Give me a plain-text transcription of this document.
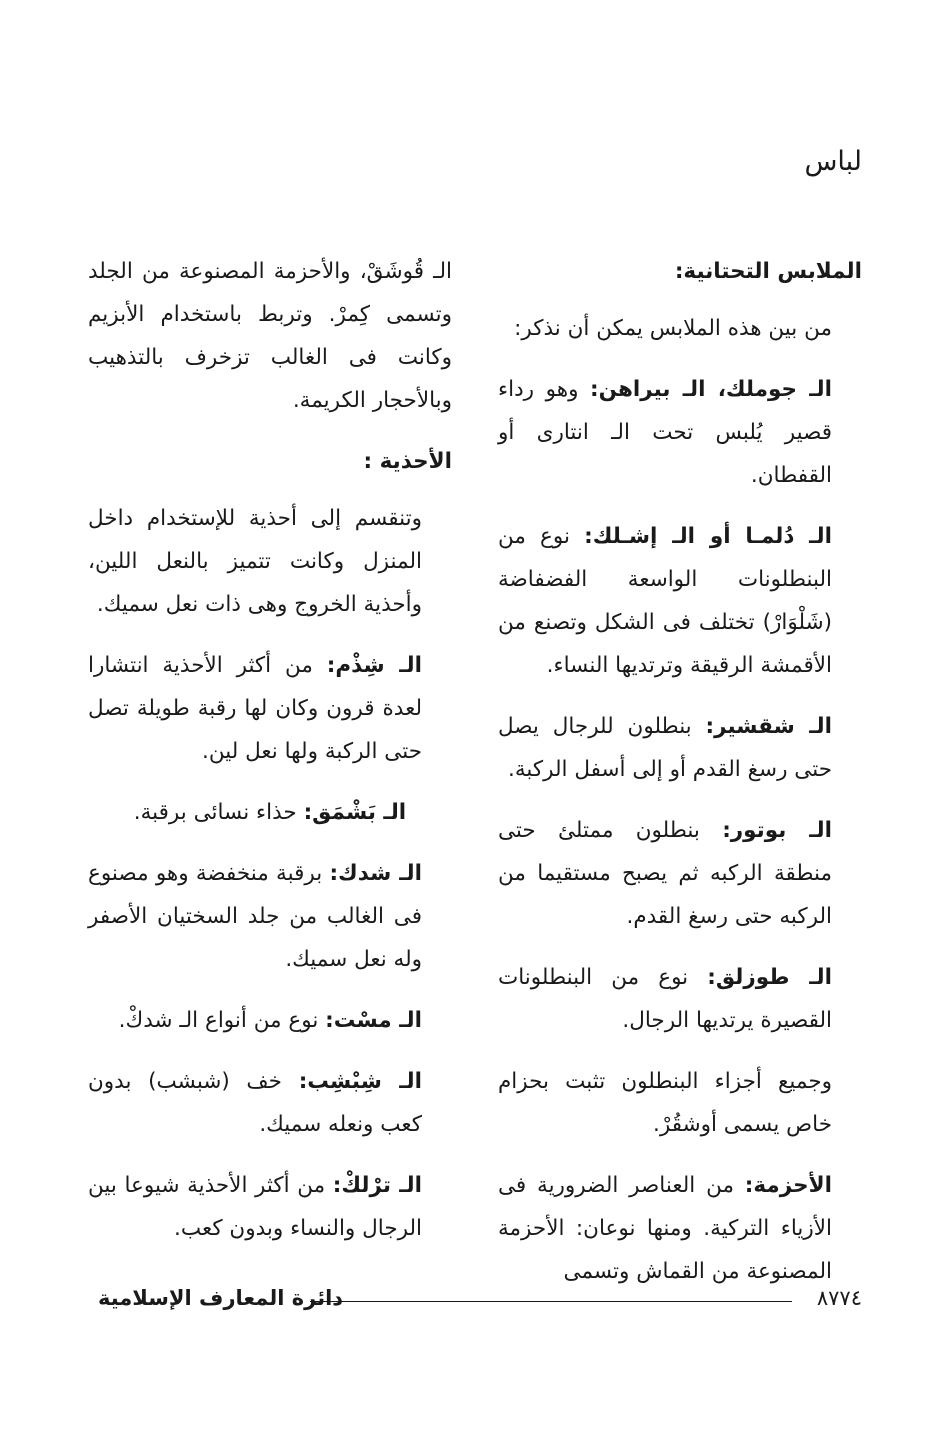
لباس
الملابس التحتانية:

من بين هذه الملابس يمكن أن نذكر:

الـ جوملك، الـ بيراهن: وهو رداء قصير يُلبس تحت الـ انتارى أو القفطان.

الـ دُلمـا أو الـ إشـلك: نوع من البنطلونات الواسعة الفضفاضة (شَلْوَارْ) تختلف فى الشكل وتصنع من الأقمشة الرقيقة وترتديها النساء.

الـ شقشير: بنطلون للرجال يصل حتى رسغ القدم أو إلى أسفل الركبة.

الـ بوتور: بنطلون ممتلئ حتى منطقة الركبه ثم يصبح مستقيما من الركبه حتى رسغ القدم.

الـ طوزلق: نوع من البنطلونات القصيرة يرتديها الرجال.

وجميع أجزاء البنطلون تثبت بحزام خاص يسمى أوشقُرْ.

الأحزمة: من العناصر الضرورية فى الأزياء التركية. ومنها نوعان: الأحزمة المصنوعة من القماش وتسمى

الـ قُوشَقْ، والأحزمة المصنوعة من الجلد وتسمى كِمرْ. وتربط باستخدام الأبزيم وكانت فى الغالب تزخرف بالتذهيب وبالأحجار الكريمة.

الأحذية :

وتنقسم إلى أحذية للإستخدام داخل المنزل وكانت تتميز بالنعل اللين، وأحذية الخروج وهى ذات نعل سميك.

الـ شِذْم: من أكثر الأحذية انتشارا لعدة قرون وكان لها رقبة طويلة تصل حتى الركبة ولها نعل لين.

الـ بَشْمَق: حذاء نسائى برقبة.

الـ شدك: برقبة منخفضة وهو مصنوع فى الغالب من جلد السختيان الأصفر وله نعل سميك.

الـ مسْت: نوع من أنواع الـ شدكْ.

الـ شِبْشِب: خف (شبشب) بدون كعب ونعله سميك.

الـ ترْلكْ: من أكثر الأحذية شيوعا بين الرجال والنساء وبدون كعب.

٨٧٧٤
دائرة المعارف الإسلامية
